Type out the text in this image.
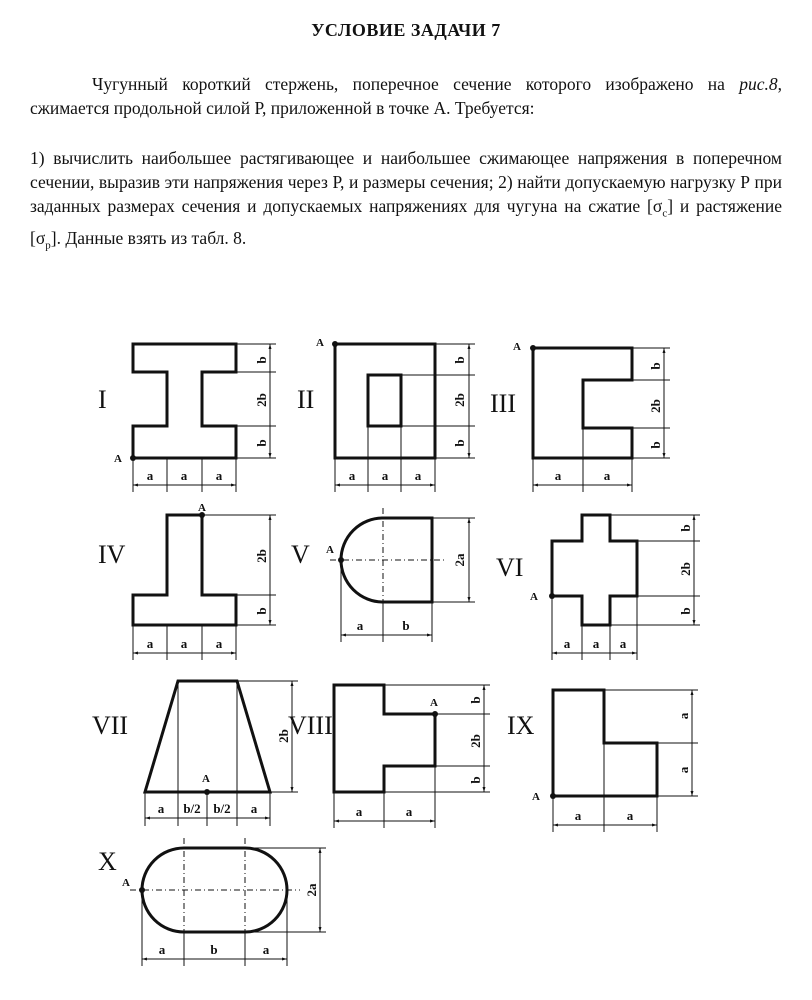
УСЛОВИЕ ЗАДАЧИ 7
Чугунный короткий стержень, поперечное сечение которого изображено на рис.8, сжимается продольной силой Р, приложенной в точке А. Требуется:
1) вычислить наибольшее растягивающее и наибольшее сжимающее напряжения в поперечном сечении, выразив эти напряжения через Р, и размеры сечения; 2) найти допускаемую нагрузку Р при заданных размерах сечения и допускаемых напряжениях для чугуна на сжатие $[\sigma_с]$ и растяжение $[\sigma_р]$. Данные взять из табл. 8.
I
b
2b
b
a a a
A
II
b
2b
b
a a a
A
III
b
2b
b
a	a
A
IV	2b
b
a a a
A
V	2a
a	b
A
VI
b
2b
b
a a a
A
VII	2b
a b/2 b/2 a
A
VIII
b
2b
b
a	a
A
IX	a
a
a	a
A
X
2a
a	b	a
A
